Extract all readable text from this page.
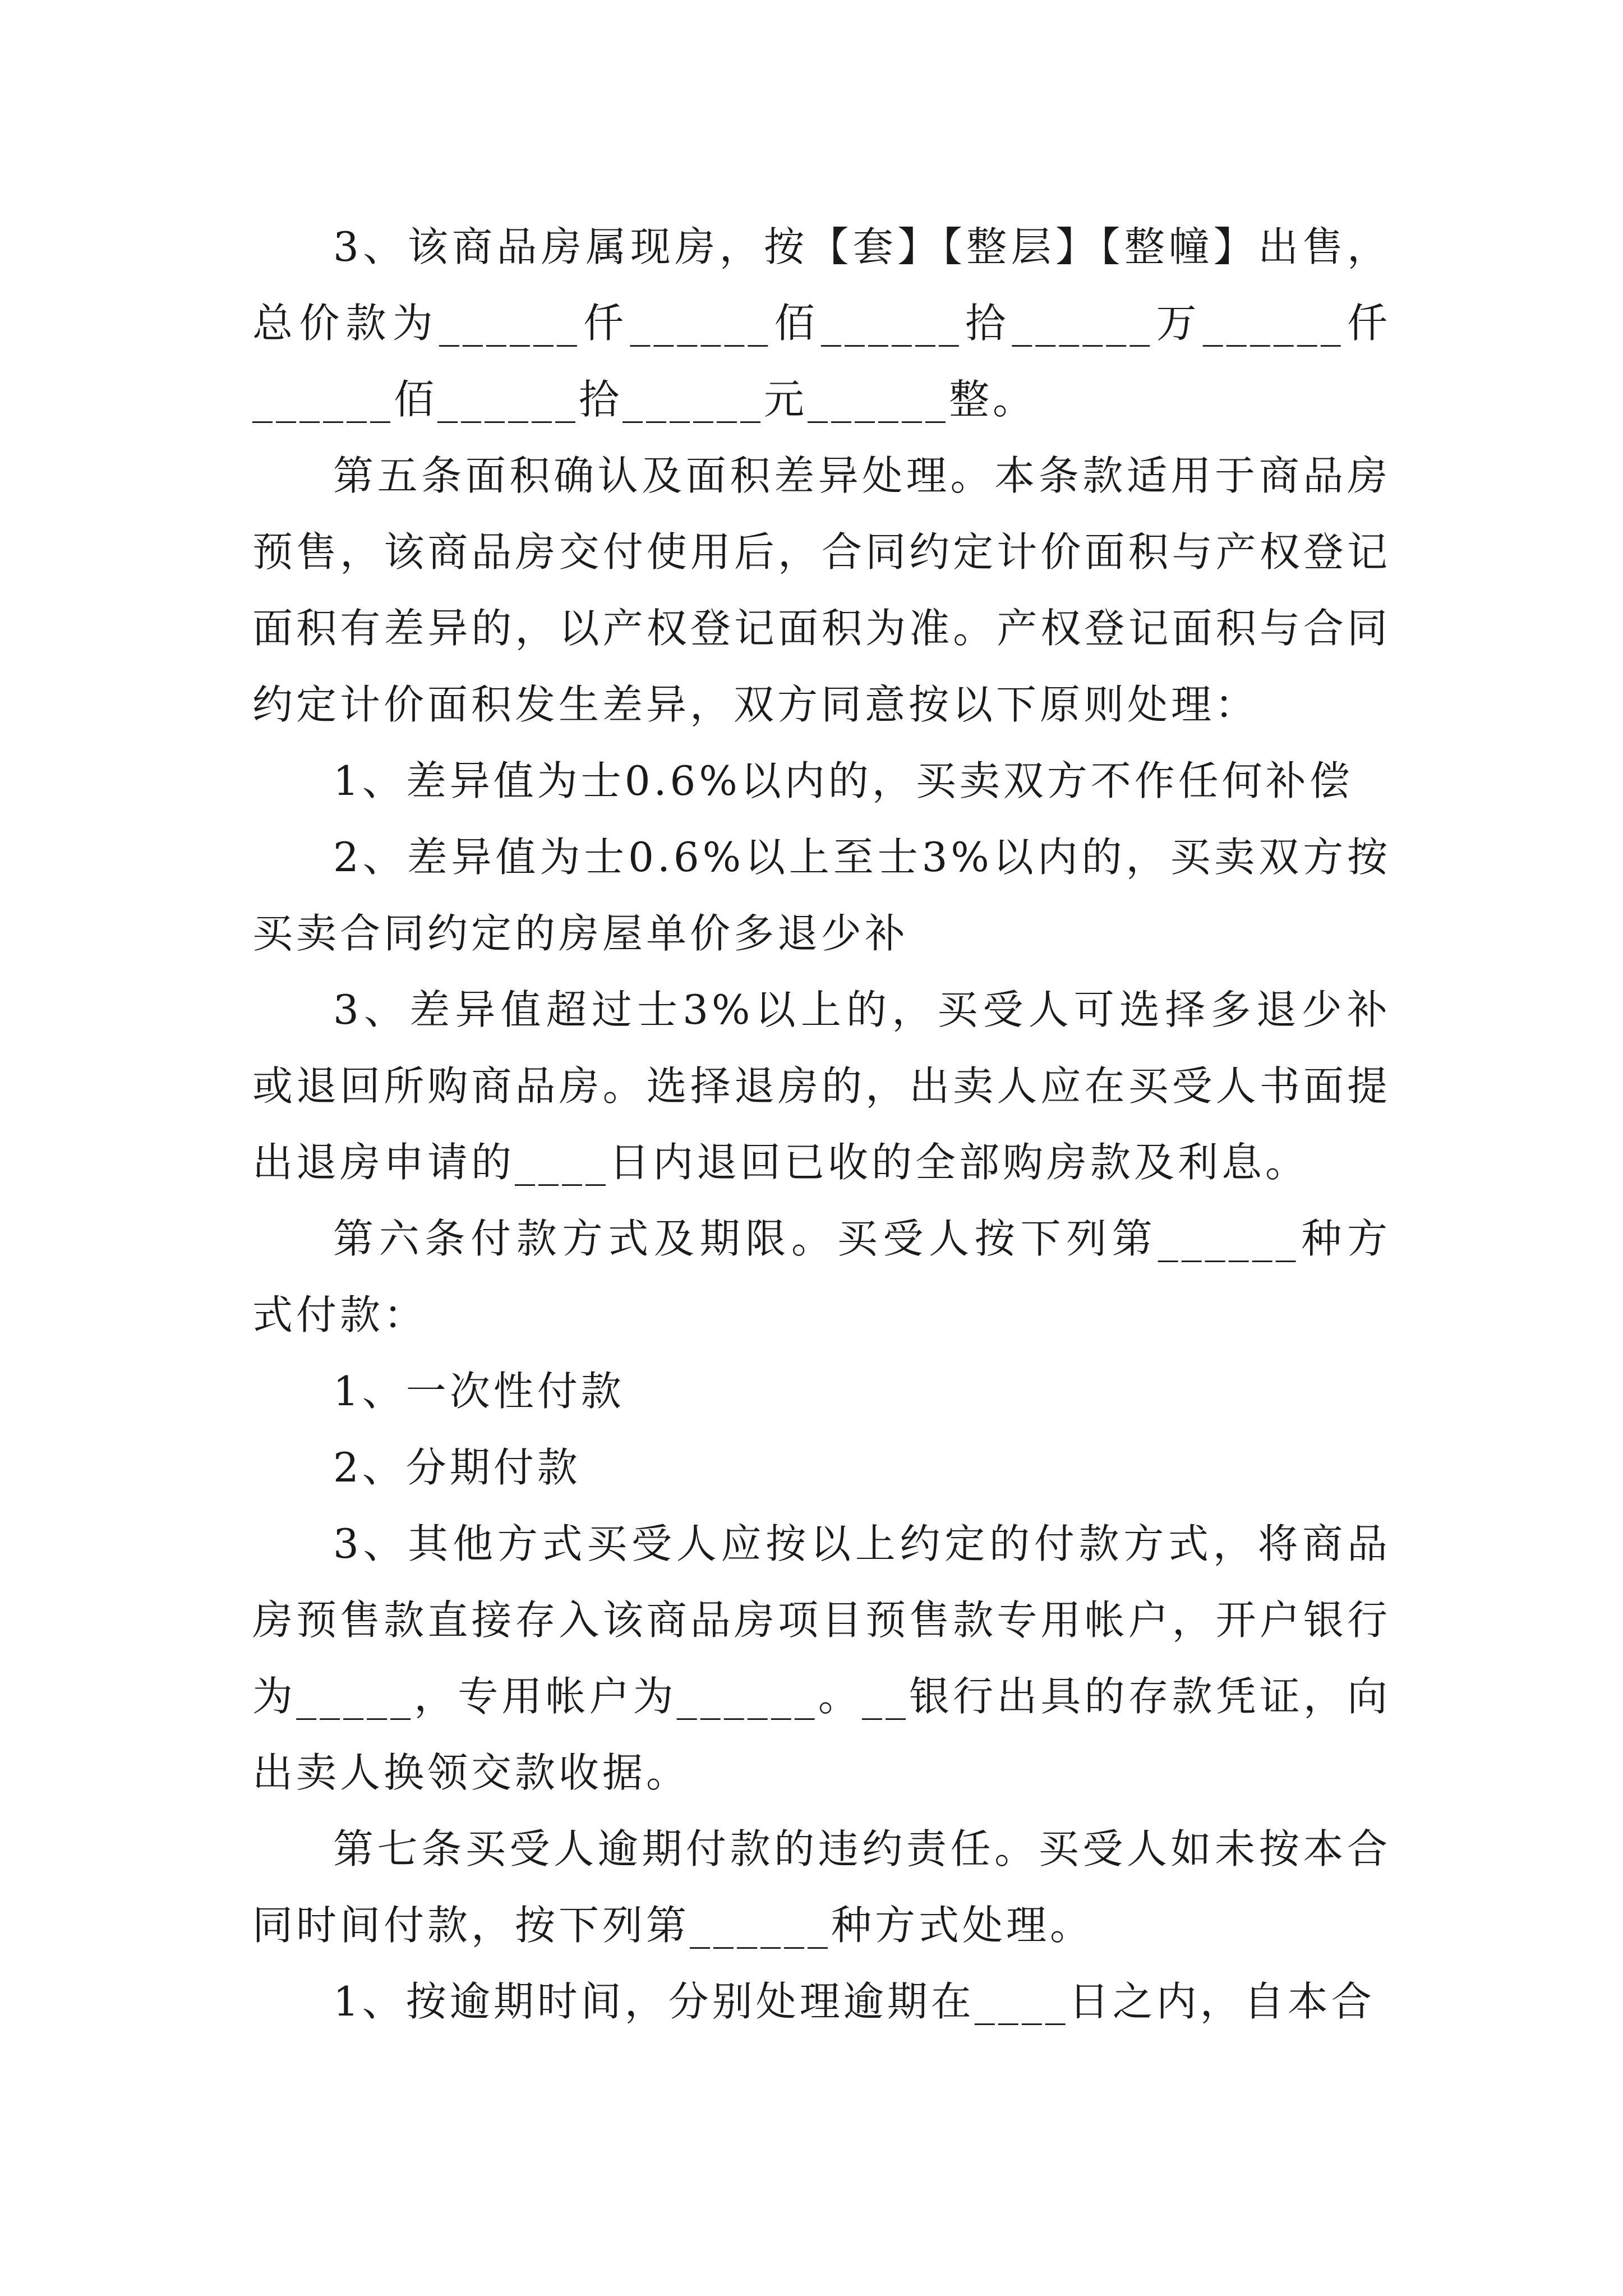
3、该商品房属现房，按【套】【整层】【整幢】出售，总价款为______仟______佰______拾______万______仟______佰______拾______元______整。

第五条面积确认及面积差异处理。本条款适用于商品房预售，该商品房交付使用后，合同约定计价面积与产权登记面积有差异的，以产权登记面积为准。产权登记面积与合同约定计价面积发生差异，双方同意按以下原则处理：

1、差异值为士0.6%以内的，买卖双方不作任何补偿

2、差异值为士0.6%以上至士3%以内的，买卖双方按买卖合同约定的房屋单价多退少补

3、差异值超过士3%以上的，买受人可选择多退少补或退回所购商品房。选择退房的，出卖人应在买受人书面提出退房申请的____日内退回已收的全部购房款及利息。

第六条付款方式及期限。买受人按下列第______种方式付款：

1、一次性付款

2、分期付款

3、其他方式买受人应按以上约定的付款方式，将商品房预售款直接存入该商品房项目预售款专用帐户，开户银行为_____，专用帐户为______。__银行出具的存款凭证，向出卖人换领交款收据。

第七条买受人逾期付款的违约责任。买受人如未按本合同时间付款，按下列第______种方式处理。

1、按逾期时间，分别处理逾期在____日之内，自本合
